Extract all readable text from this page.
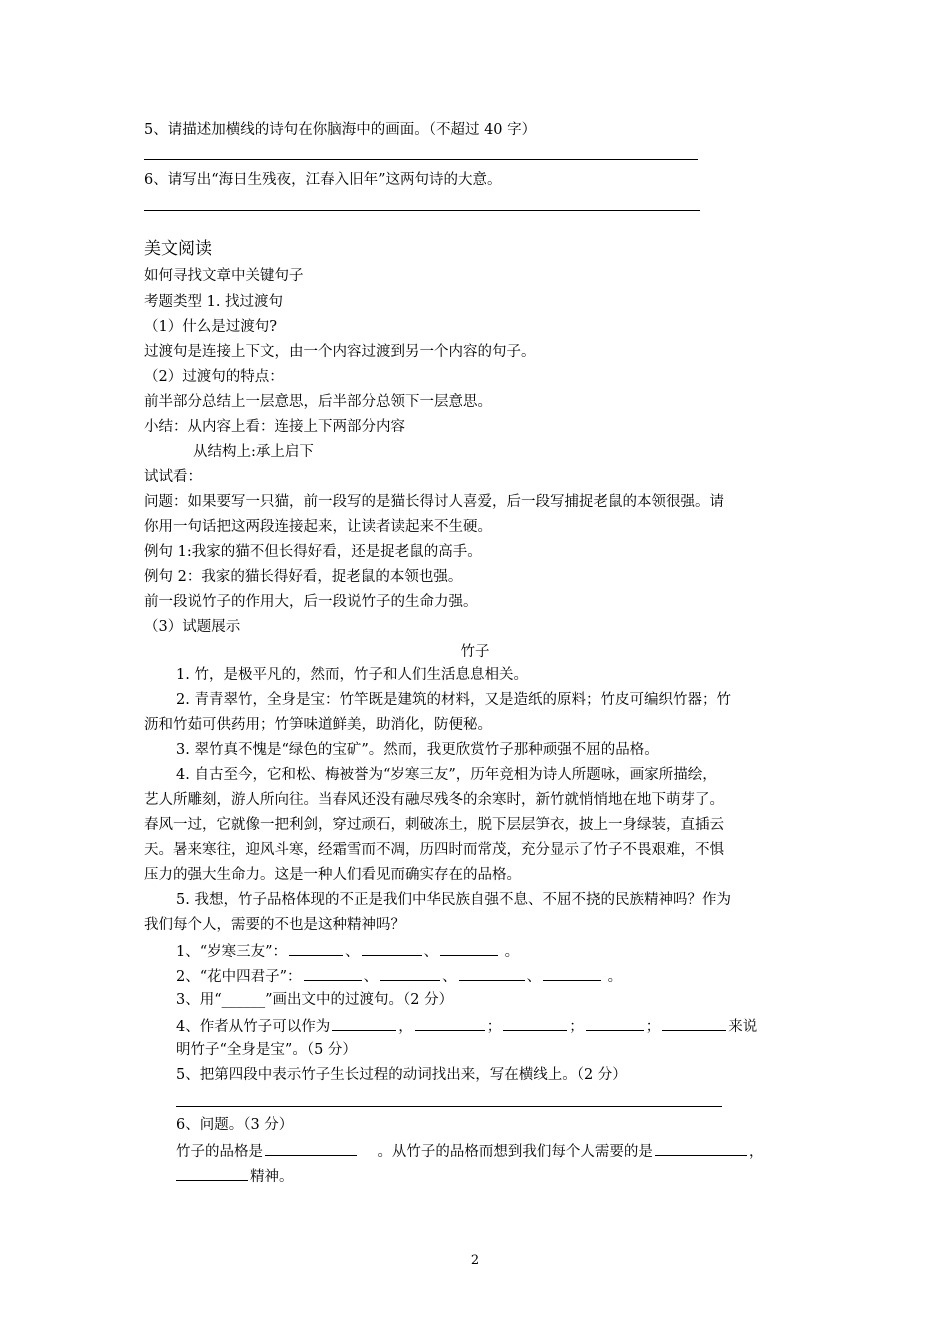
5、请描述加横线的诗句在你脑海中的画面。（不超过 40 字）
6、请写出“海日生残夜，江春入旧年”这两句诗的大意。
美文阅读
如何寻找文章中关键句子
考题类型 1. 找过渡句
（1）什么是过渡句?
过渡句是连接上下文，由一个内容过渡到另一个内容的句子。
（2）过渡句的特点：
前半部分总结上一层意思，后半部分总领下一层意思。
小结：从内容上看：连接上下两部分内容
从结构上:承上启下
试试看：
问题：如果要写一只猫，前一段写的是猫长得讨人喜爱，后一段写捕捉老鼠的本领很强。请
你用一句话把这两段连接起来，让读者读起来不生硬。
例句 1:我家的猫不但长得好看，还是捉老鼠的高手。
例句 2：我家的猫长得好看，捉老鼠的本领也强。
前一段说竹子的作用大，后一段说竹子的生命力强。
（3）试题展示
竹子
1. 竹，是极平凡的，然而，竹子和人们生活息息相关。
2. 青青翠竹，全身是宝：竹竿既是建筑的材料，又是造纸的原料；竹皮可编织竹器；竹
沥和竹茹可供药用；竹笋味道鲜美，助消化，防便秘。
3. 翠竹真不愧是“绿色的宝矿”。然而，我更欣赏竹子那种顽强不屈的品格。
4. 自古至今，它和松、梅被誉为“岁寒三友”，历年竞相为诗人所题咏，画家所描绘，
艺人所雕刻，游人所向往。当春风还没有融尽残冬的余寒时，新竹就悄悄地在地下萌芽了。
春风一过，它就像一把利剑，穿过顽石，刺破冻土，脱下层层笋衣，披上一身绿装，直插云
天。暑来寒往，迎风斗寒，经霜雪而不凋，历四时而常茂，充分显示了竹子不畏艰难，不惧
压力的强大生命力。这是一种人们看见而确实存在的品格。
5. 我想，竹子品格体现的不正是我们中华民族自强不息、不屈不挠的民族精神吗？作为
我们每个人，需要的不也是这种精神吗？
1、“岁寒三友”：	、	、	。
2、“花中四君子”：	、	、	、	。
3、用“______”画出文中的过渡句。（2 分）
4、作者从竹子可以作为	，	；	；	；	来说
明竹子“全身是宝”。（5 分）
5、把第四段中表示竹子生长过程的动词找出来，写在横线上。（2 分）
6、问题。（3 分）
竹子的品格是	。从竹子的品格而想到我们每个人需要的是	，
精神。
2
